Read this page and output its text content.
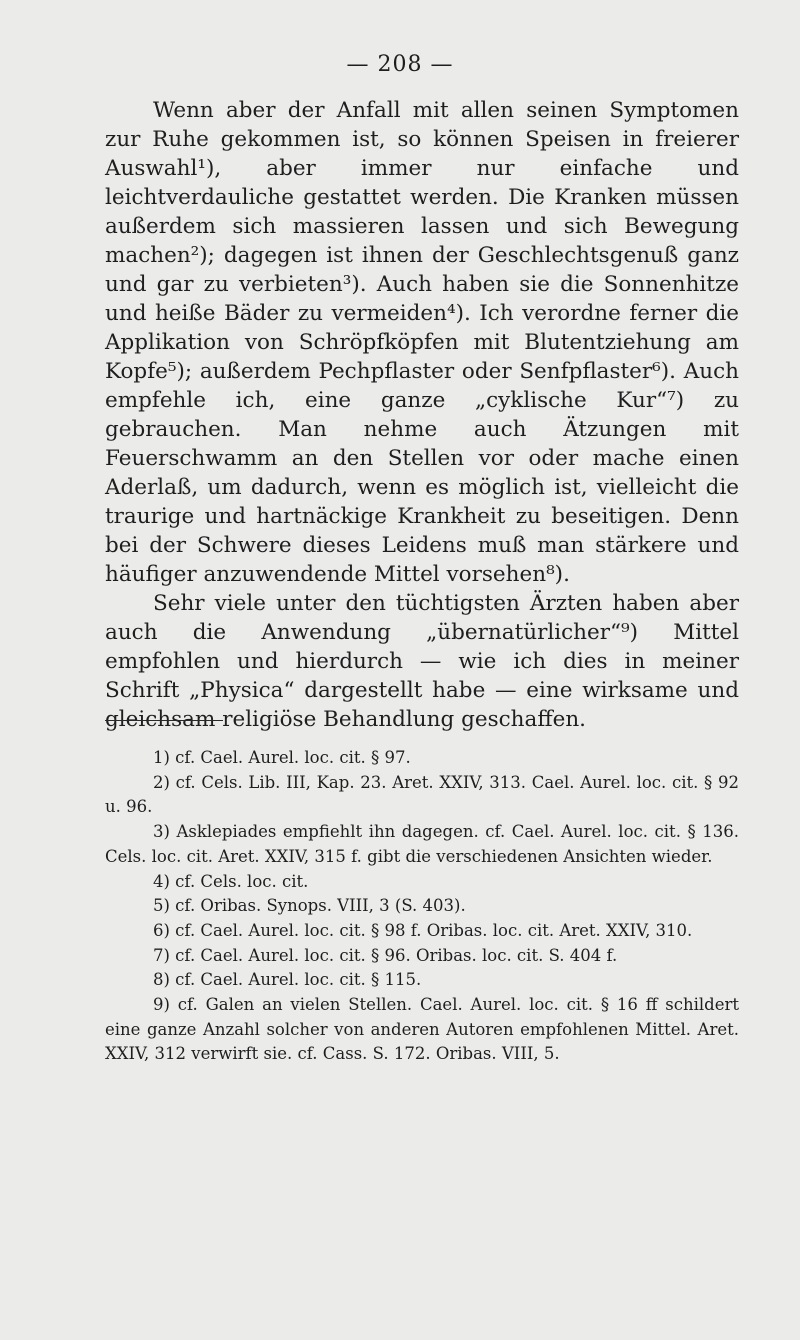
— 208 —

Wenn aber der Anfall mit allen seinen Symptomen zur Ruhe gekommen ist, so können Speisen in freierer Auswahl¹), aber immer nur einfache und leichtverdauliche gestattet werden. Die Kranken müssen außerdem sich massieren lassen und sich Bewegung machen²); dagegen ist ihnen der Geschlechtsgenuß ganz und gar zu verbieten³). Auch haben sie die Sonnenhitze und heiße Bäder zu vermeiden⁴). Ich verordne ferner die Applikation von Schröpfköpfen mit Blutentziehung am Kopfe⁵); außerdem Pechpflaster oder Senfpflaster⁶). Auch empfehle ich, eine ganze „cyklische Kur“⁷) zu gebrauchen. Man nehme auch Ätzungen mit Feuerschwamm an den Stellen vor oder mache einen Aderlaß, um dadurch, wenn es möglich ist, vielleicht die traurige und hartnäckige Krankheit zu beseitigen. Denn bei der Schwere dieses Leidens muß man stärkere und häufiger anzuwendende Mittel vorsehen⁸).

Sehr viele unter den tüchtigsten Ärzten haben aber auch die Anwendung „übernatürlicher“⁹) Mittel empfohlen und hierdurch — wie ich dies in meiner Schrift „Physica“ dargestellt habe — eine wirksame und gleichsam religiöse Behandlung geschaffen.

1) cf. Cael. Aurel. loc. cit. § 97.

2) cf. Cels. Lib. III, Kap. 23. Aret. XXIV, 313. Cael. Aurel. loc. cit. § 92 u. 96.

3) Asklepiades empfiehlt ihn dagegen. cf. Cael. Aurel. loc. cit. § 136. Cels. loc. cit. Aret. XXIV, 315 f. gibt die verschiedenen Ansichten wieder.

4) cf. Cels. loc. cit.

5) cf. Oribas. Synops. VIII, 3 (S. 403).

6) cf. Cael. Aurel. loc. cit. § 98 f. Oribas. loc. cit. Aret. XXIV, 310.

7) cf. Cael. Aurel. loc. cit. § 96. Oribas. loc. cit. S. 404 f.

8) cf. Cael. Aurel. loc. cit. § 115.

9) cf. Galen an vielen Stellen. Cael. Aurel. loc. cit. § 16 ff schildert eine ganze Anzahl solcher von anderen Autoren empfohlenen Mittel. Aret. XXIV, 312 verwirft sie. cf. Cass. S. 172. Oribas. VIII, 5.
